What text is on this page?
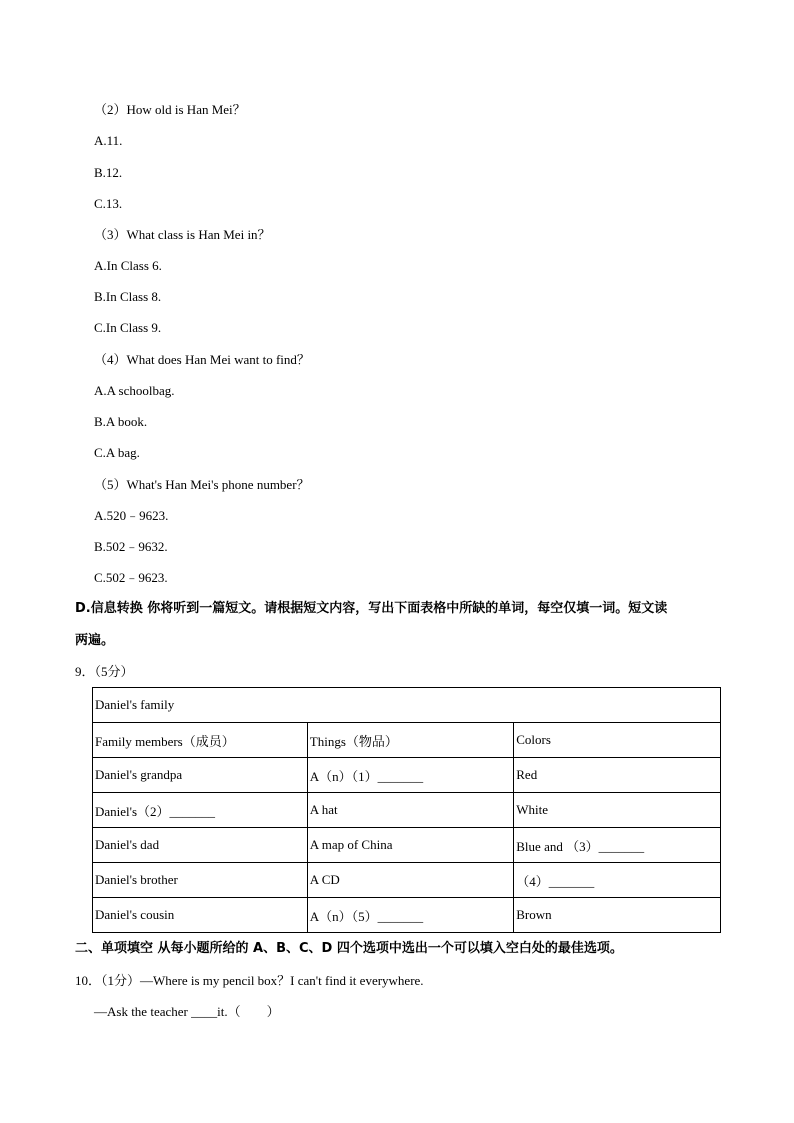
（2）How old is Han Mei？
A.11.
B.12.
C.13.
（3）What class is Han Mei in？
A.In Class 6.
B.In Class 8.
C.In Class 9.
（4）What does Han Mei want to find？
A.A schoolbag.
B.A book.
C.A bag.
（5）What's Han Mei's phone number？
A.520﹣9623.
B.502﹣9632.
C.502﹣9623.
D.信息转换 你将听到一篇短文。请根据短文内容，写出下面表格中所缺的单词，每空仅填一词。短文读
两遍。
9．（5分）
Daniel's family		
Family members（成员）	Things（物品）	Colors
Daniel's grandpa	A（n）（1）_______	Red
Daniel's（2）_______	A hat	White
Daniel's dad	A map of China	Blue and （3）_______
Daniel's brother	A CD	（4）_______
Daniel's cousin	A（n）（5）_______	Brown
二、单项填空 从每小题所给的 A、B、C、D 四个选项中选出一个可以填入空白处的最佳选项。
10．（1分）—Where is my pencil box？I can't find it everywhere.
—Ask the teacher ____it.（　　）
